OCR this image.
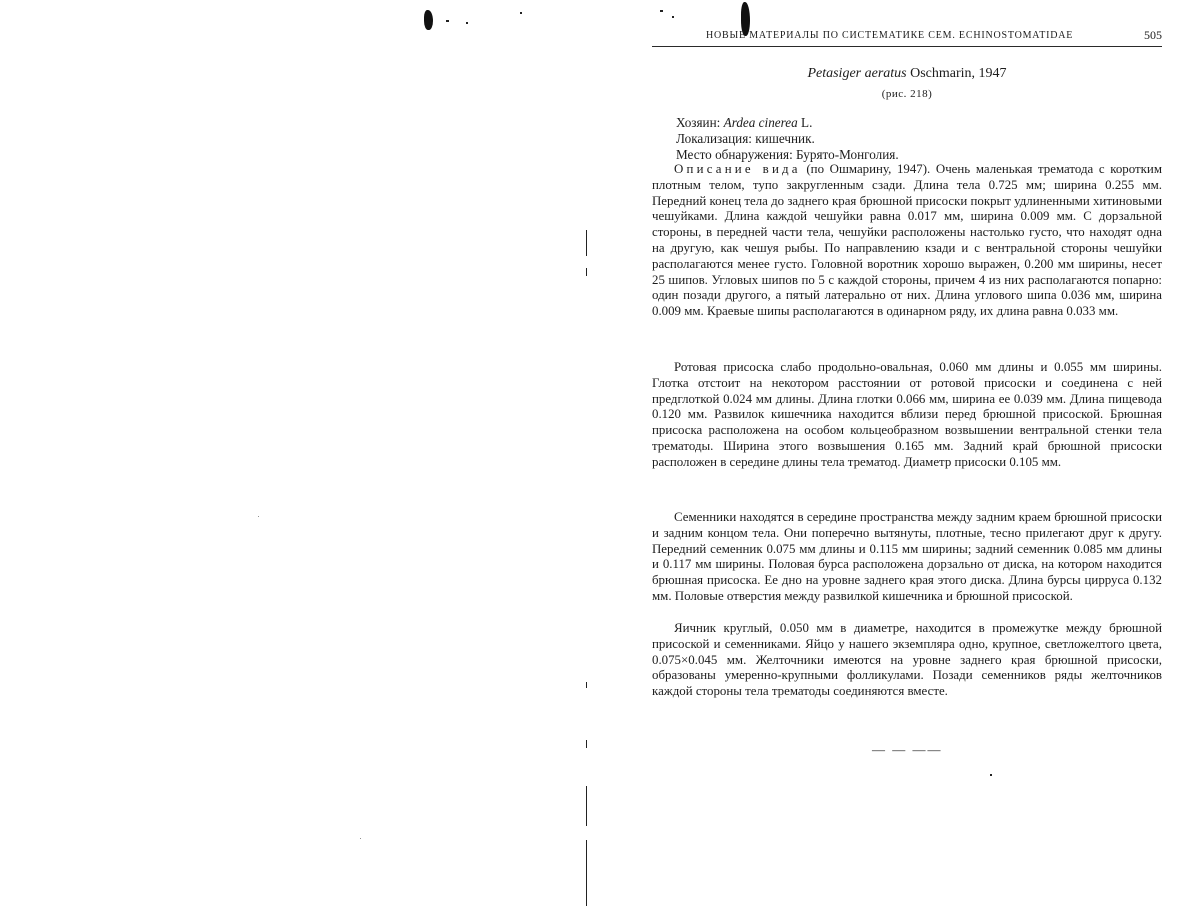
НОВЫЕ МАТЕРИАЛЫ ПО СИСТЕМАТИКЕ СЕМ. ECHINOSTOMATIDAE	505
Petasiger aeratus Oschmarin, 1947
(рис. 218)
Хозяин: Ardea cinerea L.
Локализация: кишечник.
Место обнаружения: Бурято-Монголия.

Описание вида (по Ошмарину, 1947). Очень маленькая трематода с коротким плотным телом, тупо закругленным сзади. Длина тела 0.725 мм; ширина 0.255 мм. Передний конец тела до заднего края брюшной присоски покрыт удлиненными хитиновыми чешуйками. Длина каждой чешуйки равна 0.017 мм, ширина 0.009 мм. С дорзальной стороны, в передней части тела, чешуйки расположены настолько густо, что находят одна на другую, как чешуя рыбы. По направлению кзади и с вентральной стороны чешуйки располагаются менее густо. Головной воротник хорошо выражен, 0.200 мм ширины, несет 25 шипов. Угловых шипов по 5 с каждой стороны, причем 4 из них располагаются попарно: один позади другого, а пятый латерально от них. Длина углового шипа 0.036 мм, ширина 0.009 мм. Краевые шипы располагаются в одинарном ряду, их длина равна 0.033 мм.

Ротовая присоска слабо продольно-овальная, 0.060 мм длины и 0.055 мм ширины. Глотка отстоит на некотором расстоянии от ротовой присоски и соединена с ней предглоткой 0.024 мм длины. Длина глотки 0.066 мм, ширина ее 0.039 мм. Длина пищевода 0.120 мм. Развилок кишечника находится вблизи перед брюшной присоской. Брюшная присоска расположена на особом кольцеобразном возвышении вентральной стенки тела трематоды. Ширина этого возвышения 0.165 мм. Задний край брюшной присоски расположен в середине длины тела трематод. Диаметр присоски 0.105 мм.

Семенники находятся в середине пространства между задним краем брюшной присоски и задним концом тела. Они поперечно вытянуты, плотные, тесно прилегают друг к другу. Передний семенник 0.075 мм длины и 0.115 мм ширины; задний семенник 0.085 мм длины и 0.117 мм ширины. Половая бурса расположена дорзально от диска, на котором находится брюшная присоска. Ее дно на уровне заднего края этого диска. Длина бурсы цирруса 0.132 мм. Половые отверстия между развилкой кишечника и брюшной присоской.

Яичник круглый, 0.050 мм в диаметре, находится в промежутке между брюшной присоской и семенниками. Яйцо у нашего экземпляра одно, крупное, светложелтого цвета, 0.075×0.045 мм. Желточники имеются на уровне заднего края брюшной присоски, образованы умеренно-крупными фолликулами. Позади семенников ряды желточников каждой стороны тела трематоды соединяются вместе.

— — ——
